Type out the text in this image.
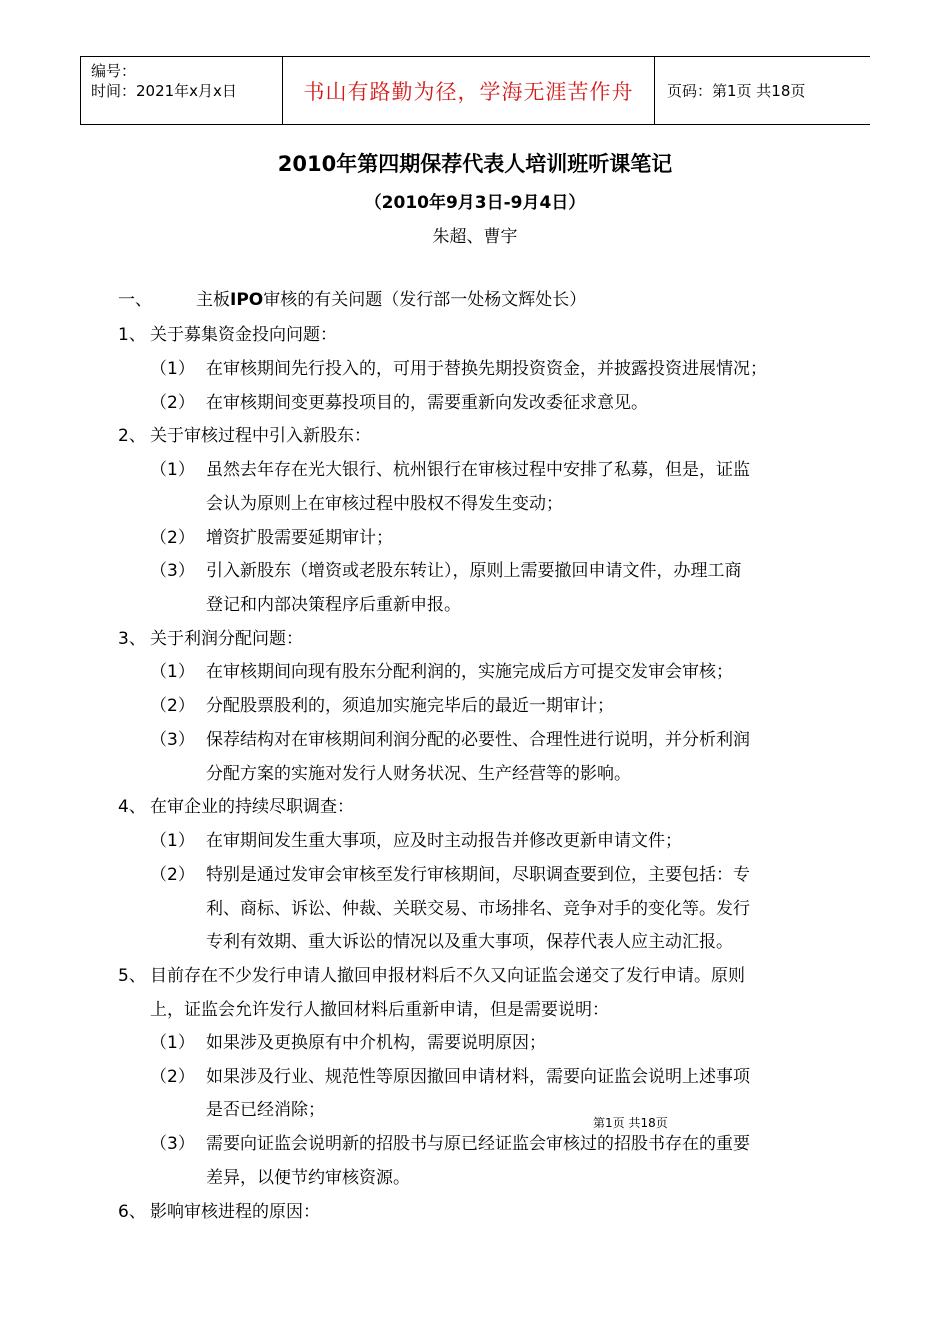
编号：
时间：2021年x月x日	书山有路勤为径，学海无涯苦作舟	页码：第1页 共18页
2010年第四期保荐代表人培训班听课笔记
（2010年9月3日-9月4日）
朱超、曹宇
一、	主板IPO审核的有关问题（发行部一处杨文辉处长）
1、 关于募集资金投向问题：
（1） 在审核期间先行投入的，可用于替换先期投资资金，并披露投资进展情况；
（2） 在审核期间变更募投项目的，需要重新向发改委征求意见。
2、 关于审核过程中引入新股东：
（1） 虽然去年存在光大银行、杭州银行在审核过程中安排了私募，但是，证监
会认为原则上在审核过程中股权不得发生变动；
（2） 增资扩股需要延期审计；
（3） 引入新股东（增资或老股东转让），原则上需要撤回申请文件，办理工商
登记和内部决策程序后重新申报。
3、 关于利润分配问题：
（1） 在审核期间向现有股东分配利润的，实施完成后方可提交发审会审核；
（2） 分配股票股利的，须追加实施完毕后的最近一期审计；
（3） 保荐结构对在审核期间利润分配的必要性、合理性进行说明，并分析利润
分配方案的实施对发行人财务状况、生产经营等的影响。
4、 在审企业的持续尽职调查：
（1） 在审期间发生重大事项，应及时主动报告并修改更新申请文件；
（2） 特别是通过发审会审核至发行审核期间，尽职调查要到位，主要包括：专
利、商标、诉讼、仲裁、关联交易、市场排名、竞争对手的变化等。发行
专利有效期、重大诉讼的情况以及重大事项，保荐代表人应主动汇报。
5、 目前存在不少发行申请人撤回申报材料后不久又向证监会递交了发行申请。原则
上，证监会允许发行人撤回材料后重新申请，但是需要说明：
（1） 如果涉及更换原有中介机构，需要说明原因；
（2） 如果涉及行业、规范性等原因撤回申请材料，需要向证监会说明上述事项
是否已经消除；
（3） 需要向证监会说明新的招股书与原已经证监会审核过的招股书存在的重要
差异，以便节约审核资源。
6、 影响审核进程的原因：
第1页 共18页
